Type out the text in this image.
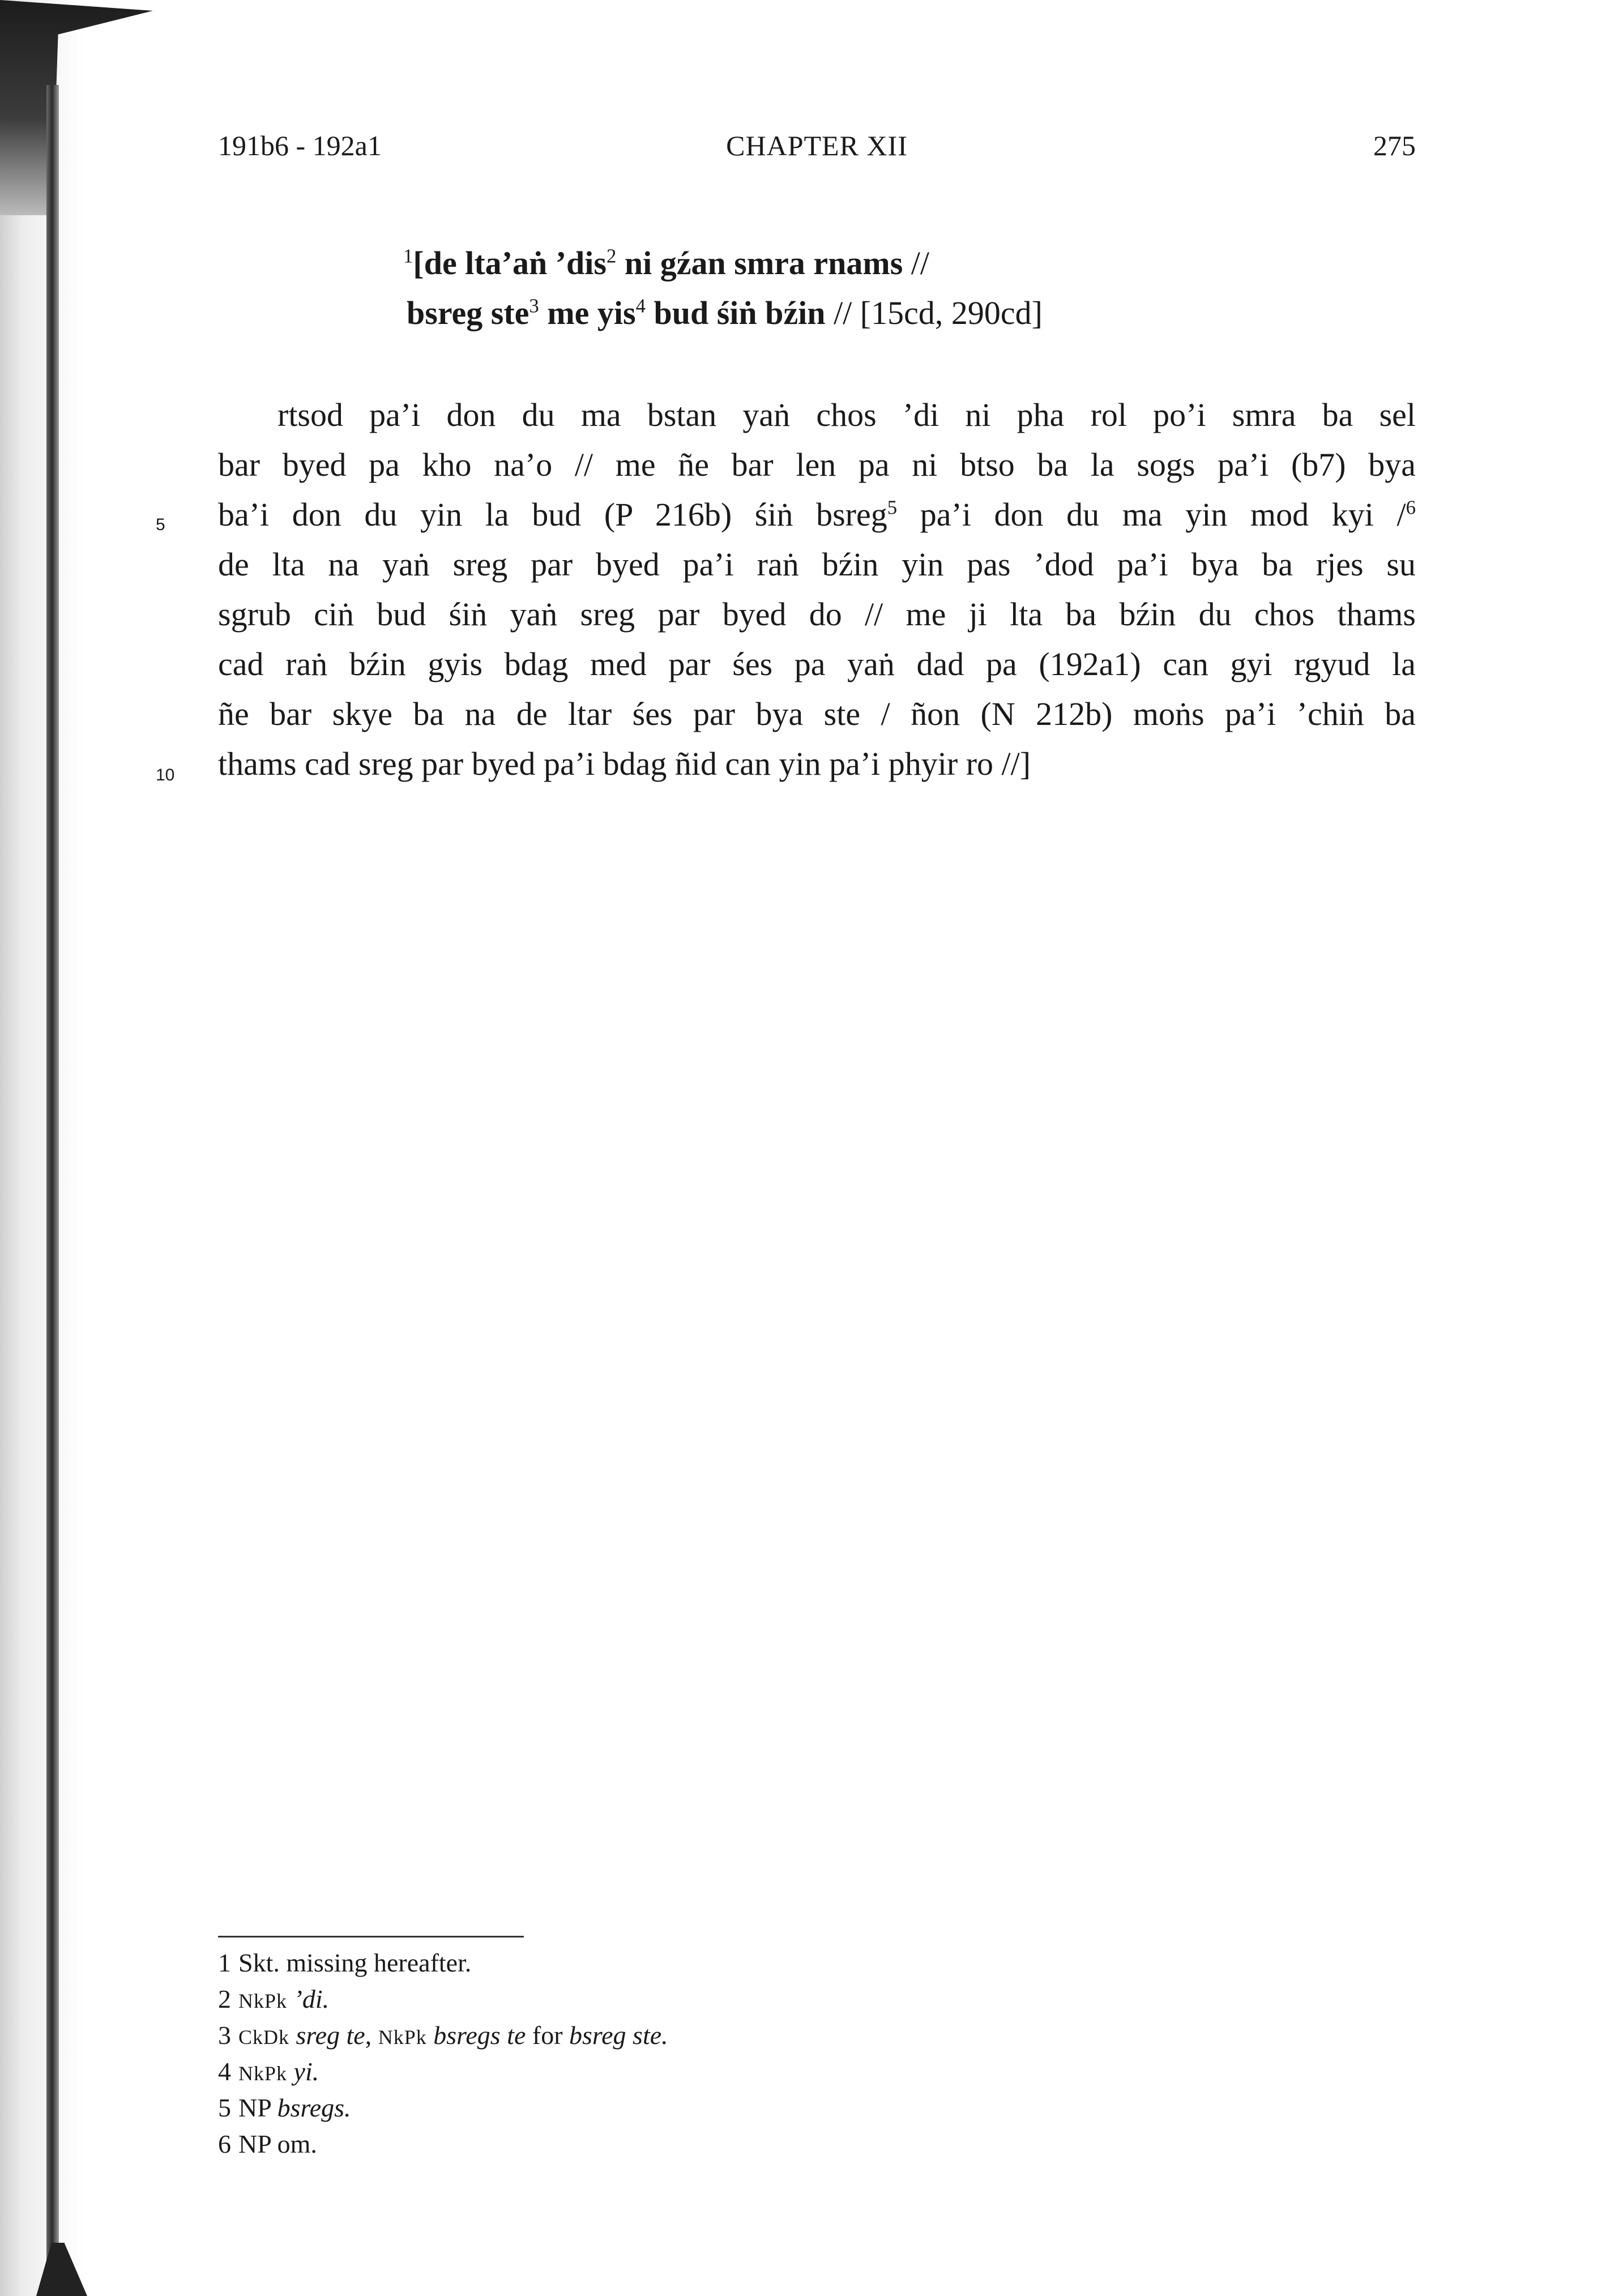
191b6 - 192a1	CHAPTER XII	275
$^1$[de lta’aṅ ’dis$^2$ ni gźan smra rnams //
bsreg ste$^3$ me yis$^4$ bud śiṅ bźin // [15cd, 290cd]
rtsod pa’i don du ma bstan yaṅ chos ’di ni pha rol po’i smra ba sel
bar byed pa kho na’o // me ñe bar len pa ni btso ba la sogs pa’i (b7) bya
ba’i don du yin la bud (P 216b) śiṅ bsreg$^5$ pa’i don du ma yin mod kyi /$^6$
de lta na yaṅ sreg par byed pa’i raṅ bźin yin pas ’dod pa’i bya ba rjes su
sgrub ciṅ bud śiṅ yaṅ sreg par byed do // me ji lta ba bźin du chos thams
cad raṅ bźin gyis bdag med par śes pa yaṅ dad pa (192a1) can gyi rgyud la
ñe bar skye ba na de ltar śes par bya ste / ñon (N 212b) moṅs pa’i ’chiṅ ba
thams cad sreg par byed pa’i bdag ñid can yin pa’i phyir ro //]
5
10
1 Skt. missing hereafter.
2 NkPk ’di.
3 CkDk sreg te, NkPk bsregs te for bsreg ste.
4 NkPk yi.
5 NP bsregs.
6 NP om.
